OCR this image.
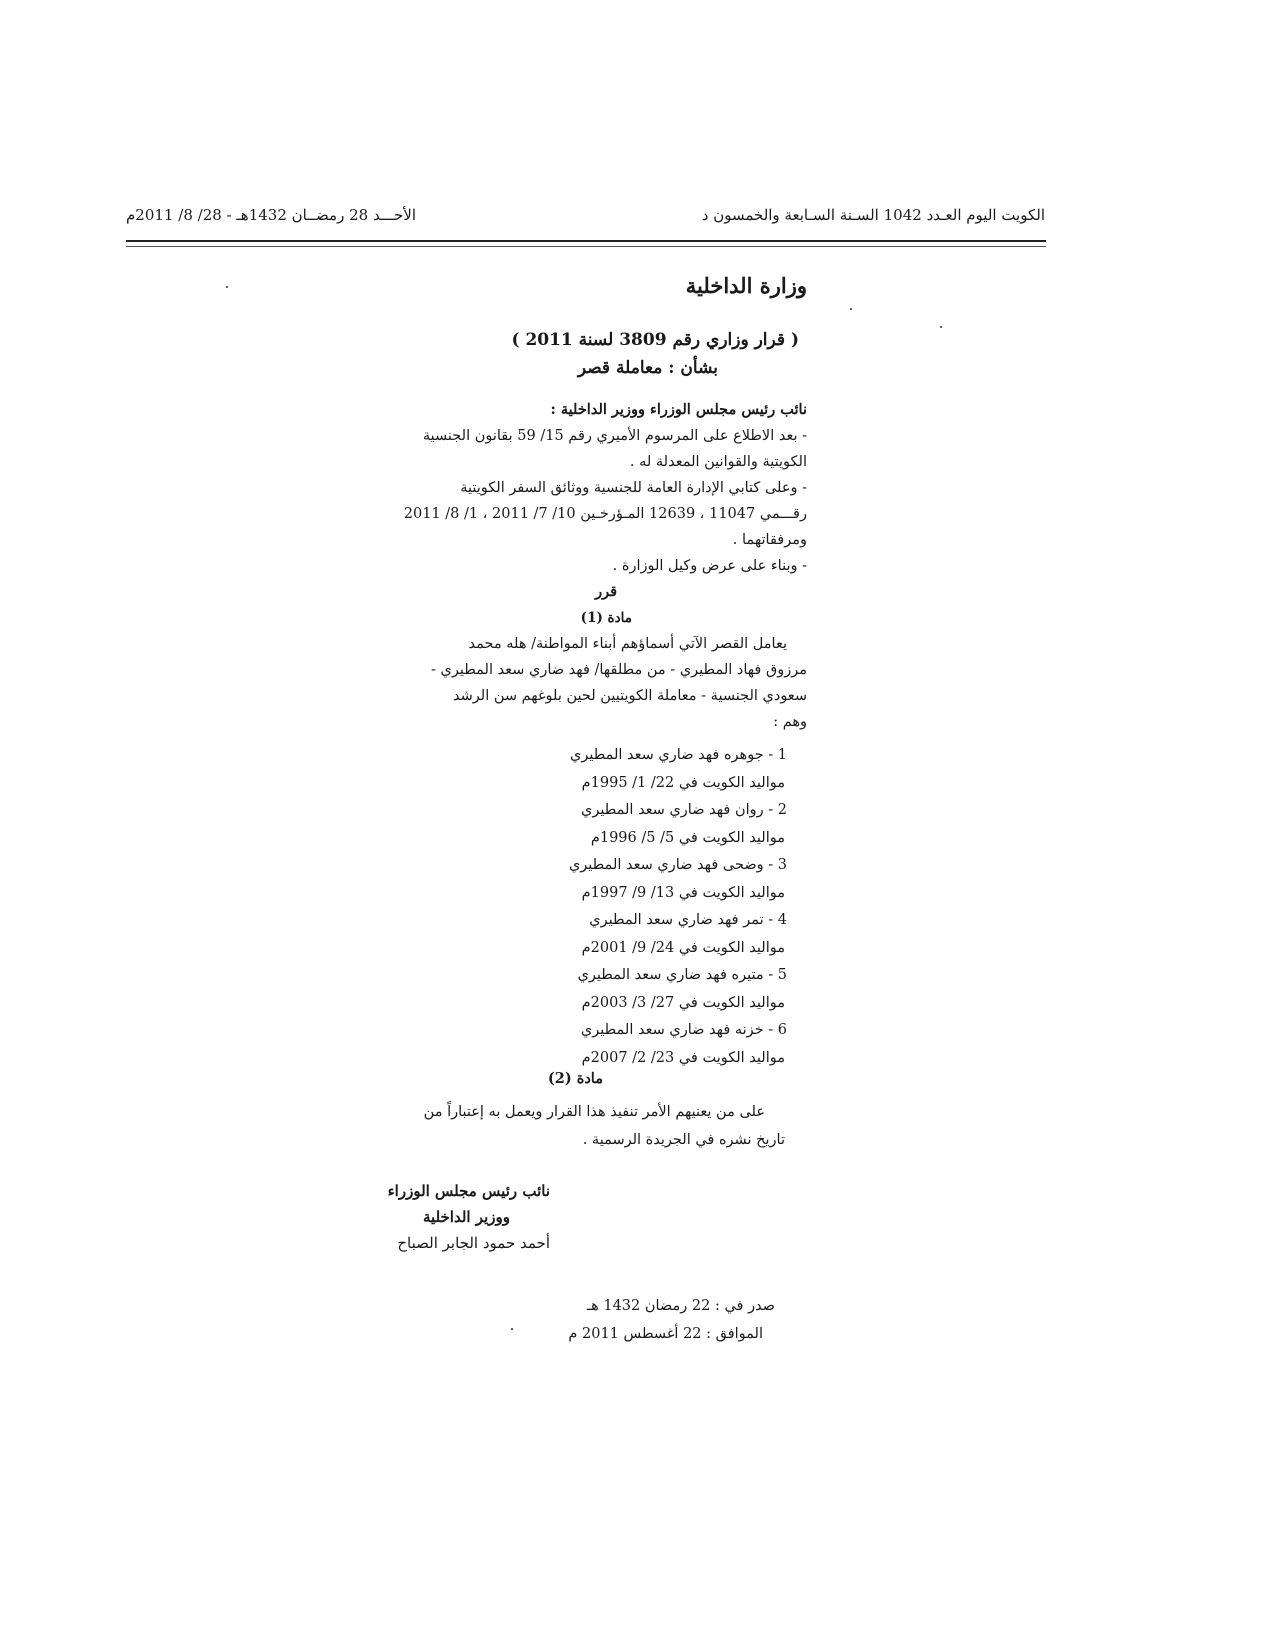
الكويت اليوم العـدد 1042 السـنة السـابعة والخمسون د
الأحـــد 28 رمضــان 1432هـ - 28/ 8/ 2011م
وزارة الداخلية
( قرار وزاري رقم 3809 لسنة 2011 )
بشأن : معاملة قصر

نائب رئيس مجلس الوزراء ووزير الداخلية :

- بعد الاطلاع على المرسوم الأميري رقم 15/ 59 بقانون الجنسية

الكويتية والقوانين المعدلة له .

- وعلى كتابي الإدارة العامة للجنسية ووثائق السفر الكويتية

رقـــمي 11047 ، 12639 المـؤرخـين 10/ 7/ 2011 ، 1/ 8/ 2011

ومرفقاتهما .

- وبناء على عرض وكيل الوزارة .

قرر

مادة (1)

يعامل القصر الآتي أسماؤهم أبناء المواطنة/ هله محمد

مرزوق فهاد المطيري - من مطلقها/ فهد ضاري سعد المطيري -

سعودي الجنسية - معاملة الكويتيين لحين بلوغهم سن الرشد

وهم :

1 - جوهره فهد ضاري سعد المطيري

مواليد الكويت في 22/ 1/ 1995م

2 - روان فهد ضاري سعد المطيري

مواليد الكويت في 5/ 5/ 1996م

3 - وضحى فهد ضاري سعد المطيري

مواليد الكويت في 13/ 9/ 1997م

4 - تمر فهد ضاري سعد المطيري

مواليد الكويت في 24/ 9/ 2001م

5 - متيره فهد ضاري سعد المطيري

مواليد الكويت في 27/ 3/ 2003م

6 - خزنه فهد ضاري سعد المطيري

مواليد الكويت في 23/ 2/ 2007م

مادة (2)

على من يعنيهم الأمر تنفيذ هذا القرار ويعمل به إعتباراً من

تاريخ نشره في الجريدة الرسمية .

نائب رئيس مجلس الوزراء

ووزير الداخلية

أحمد حمود الجابر الصباح

صدر في : 22 رمضان 1432 هـ

الموافق : 22 أغسطس 2011 م
